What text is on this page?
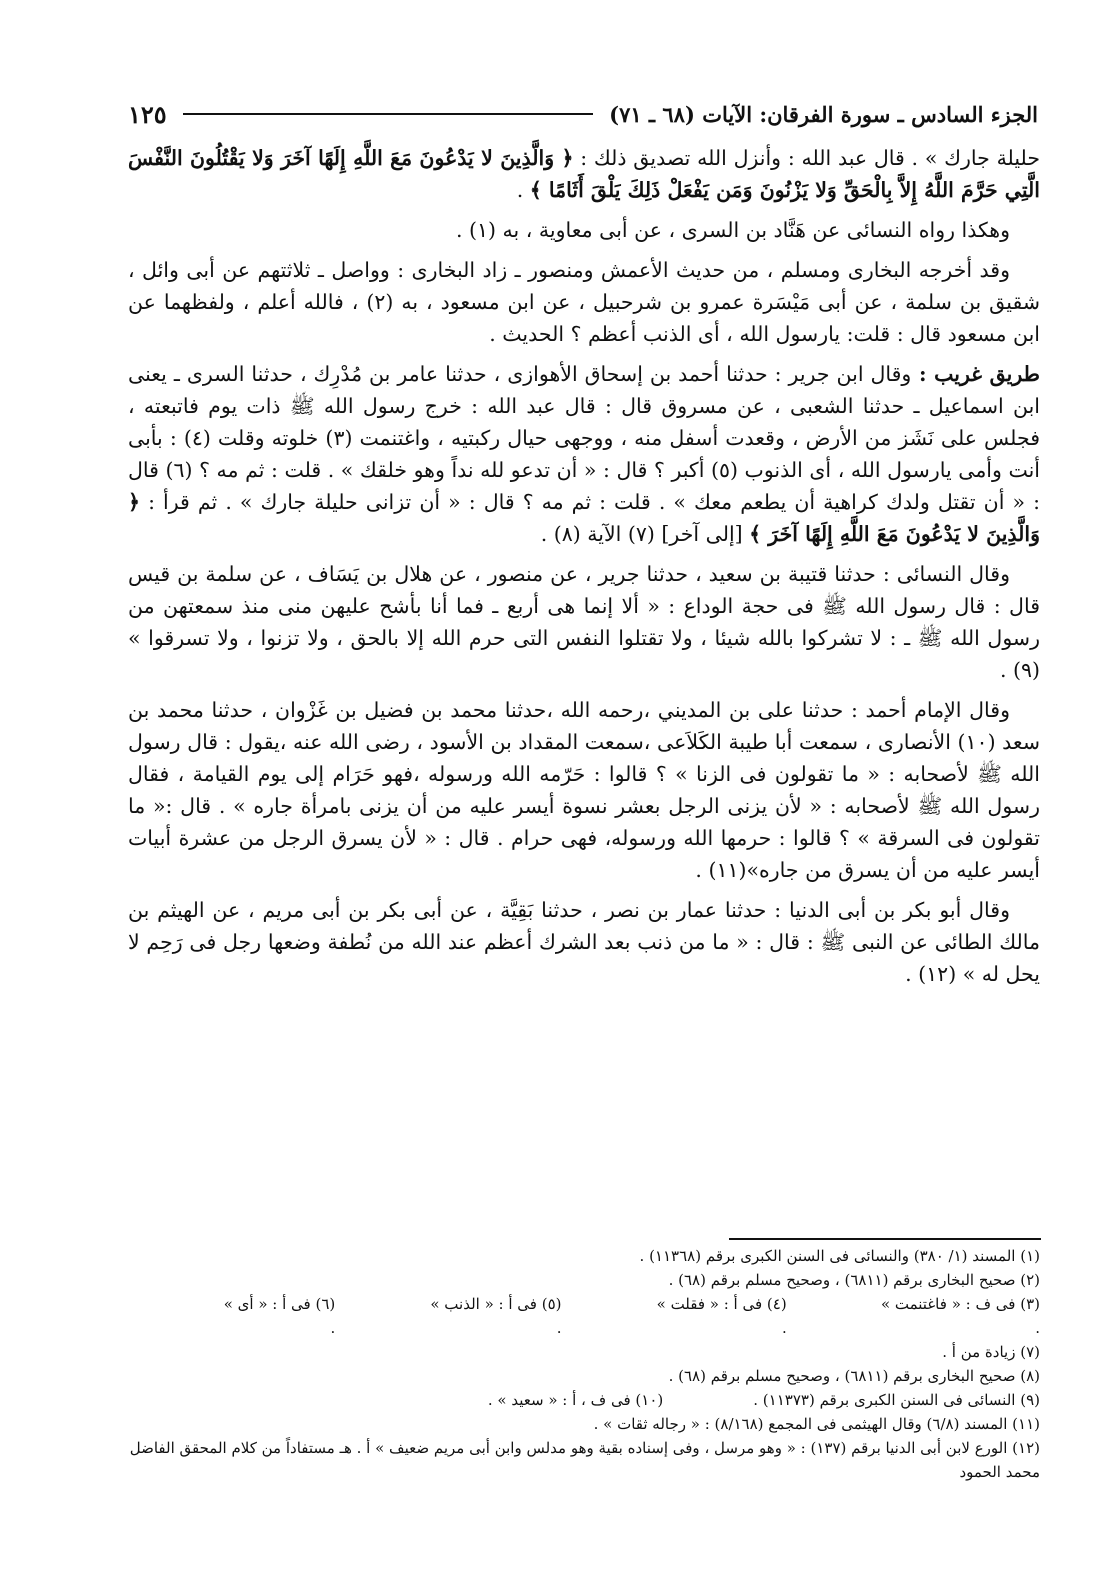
الجزء السادس ـ سورة الفرقان: الآيات (٦٨ ـ ٧١)
١٢٥

حليلة جارك » . قال عبد الله : وأنزل الله تصديق ذلك : ﴿ وَالَّذِينَ لا يَدْعُونَ مَعَ اللَّهِ إِلَهًا آخَرَ وَلا يَقْتُلُونَ النَّفْسَ الَّتِي حَرَّمَ اللَّهُ إِلاَّ بِالْحَقِّ وَلا يَزْنُونَ وَمَن يَفْعَلْ ذَلِكَ يَلْقَ أَثَامًا ﴾ .

وهكذا رواه النسائى عن هَنَّاد بن السرى ، عن أبى معاوية ، به (١) .

وقد أخرجه البخارى ومسلم ، من حديث الأعمش ومنصور ـ زاد البخارى : وواصل ـ ثلاثتهم عن أبى وائل ، شقيق بن سلمة ، عن أبى مَيْسَرة عمرو بن شرحبيل ، عن ابن مسعود ، به (٢) ، فالله أعلم ، ولفظهما عن ابن مسعود قال : قلت: يارسول الله ، أى الذنب أعظم ؟ الحديث .

طريق غريب : وقال ابن جرير : حدثنا أحمد بن إسحاق الأهوازى ، حدثنا عامر بن مُدْرِك ، حدثنا السرى ـ يعنى ابن اسماعيل ـ حدثنا الشعبى ، عن مسروق قال : قال عبد الله : خرج رسول الله ﷺ ذات يوم فاتبعته ، فجلس على نَشَز من الأرض ، وقعدت أسفل منه ، ووجهى حيال ركبتيه ، واغتنمت (٣) خلوته وقلت (٤) : بأبى أنت وأمى يارسول الله ، أى الذنوب (٥) أكبر ؟ قال : « أن تدعو لله نداً وهو خلقك » . قلت : ثم مه ؟ (٦) قال : « أن تقتل ولدك كراهية أن يطعم معك » . قلت : ثم مه ؟ قال : « أن تزانى حليلة جارك » . ثم قرأ : ﴿ وَالَّذِينَ لا يَدْعُونَ مَعَ اللَّهِ إِلَهًا آخَرَ ﴾ [إلى آخر] (٧) الآية (٨) .

وقال النسائى : حدثنا قتيبة بن سعيد ، حدثنا جرير ، عن منصور ، عن هلال بن يَسَاف ، عن سلمة بن قيس قال : قال رسول الله ﷺ فى حجة الوداع : « ألا إنما هى أربع ـ فما أنا بأشح عليهن منى منذ سمعتهن من رسول الله ﷺ ـ : لا تشركوا بالله شيئا ، ولا تقتلوا النفس التى حرم الله إلا بالحق ، ولا تزنوا ، ولا تسرقوا » (٩) .

وقال الإمام أحمد : حدثنا على بن المديني ،رحمه الله ،حدثنا محمد بن فضيل بن غَزْوان ، حدثنا محمد بن سعد (١٠) الأنصارى ، سمعت أبا طيبة الكَلاَعى ،سمعت المقداد بن الأسود ، رضى الله عنه ،يقول : قال رسول الله ﷺ لأصحابه : « ما تقولون فى الزنا » ؟ قالوا : حَرّمه الله ورسوله ،فهو حَرَام إلى يوم القيامة ، فقال رسول الله ﷺ لأصحابه : « لأن يزنى الرجل بعشر نسوة أيسر عليه من أن يزنى بامرأة جاره » . قال :« ما تقولون فى السرقة » ؟ قالوا : حرمها الله ورسوله، فهى حرام . قال : « لأن يسرق الرجل من عشرة أبيات أيسر عليه من أن يسرق من جاره»(١١) .

وقال أبو بكر بن أبى الدنيا : حدثنا عمار بن نصر ، حدثنا بَقِيَّة ، عن أبى بكر بن أبى مريم ، عن الهيثم بن مالك الطائى عن النبى ﷺ : قال : « ما من ذنب بعد الشرك أعظم عند الله من نُطفة وضعها رجل فى رَحِم لا يحل له » (١٢) .

(١) المسند (١/ ٣٨٠) والنسائى فى السنن الكبرى برقم (١١٣٦٨) .

(٢) صحيح البخارى برقم (٦٨١١) ، وصحيح مسلم برقم (٦٨) .

(٣) فى ف : « فاغتنمت » .
(٤) فى أ : « فقلت » .
(٥) فى أ : « الذنب » .
(٦) فى أ : « أى » .

(٧) زيادة من أ .

(٨) صحيح البخارى برقم (٦٨١١) ، وصحيح مسلم برقم (٦٨) .

(٩) النسائى فى السنن الكبرى برقم (١١٣٧٣) .
(١٠) فى ف ، أ : « سعيد » .

(١١) المسند (٦/٨) وقال الهيثمى فى المجمع (٨/١٦٨) : « رجاله ثقات » .

(١٢) الورع لابن أبى الدنيا برقم (١٣٧) : « وهو مرسل ، وفى إسناده بقية وهو مدلس وابن أبى مريم ضعيف » أ . هـ مستفاداً من كلام المحقق الفاضل محمد الحمود
